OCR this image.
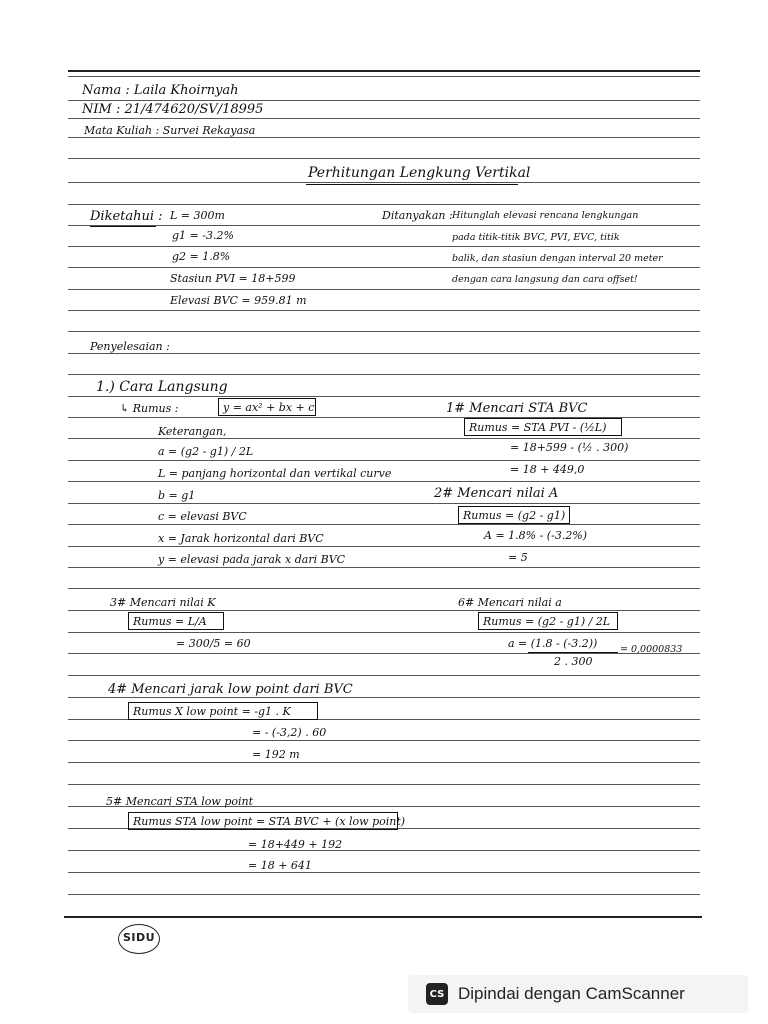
Nama : Laila Khoirnyah
NIM : 21/474620/SV/18995
Mata Kuliah : Survei Rekayasa
Perhitungan Lengkung Vertikal
Diketahui : L = 300m
g1 = -3.2%
g2 = 1.8%
Stasiun PVI = 18+599
Elevasi BVC = 959.81 m
Ditanyakan : Hitunglah elevasi rencana lengkungan
pada titik-titik BVC, PVI, EVC, titik
balik, dan stasiun dengan interval 20 meter
dengan cara langsung dan cara offset!
Penyelesaian :
1.) Cara Langsung
↳ Rumus :	y = ax² + bx + c
Keterangan,
a = (g2 - g1) / 2L
L = panjang horizontal dan vertikal curve
b = g1
c = elevasi BVC
x = Jarak horizontal dari BVC
y = elevasi pada jarak x dari BVC
1# Mencari STA BVC
Rumus = STA PVI - (½L)
= 18+599 - (½ . 300)
= 18 + 449,0
2# Mencari nilai A
Rumus = (g2 - g1)
A = 1.8% - (-3.2%)
= 5
3# Mencari nilai K
Rumus = L/A
= 300/5 = 60
6# Mencari nilai a
Rumus = (g2 - g1) / 2L
a = (1.8 - (-3.2))
2 . 300
= 0,0000833
4# Mencari jarak low point dari BVC
Rumus X low point = -g1 . K
= - (-3,2) . 60
= 192 m
5# Mencari STA low point
Rumus STA low point = STA BVC + (x low point)
= 18+449 + 192
= 18 + 641
SIDU
CS Dipindai dengan CamScanner
